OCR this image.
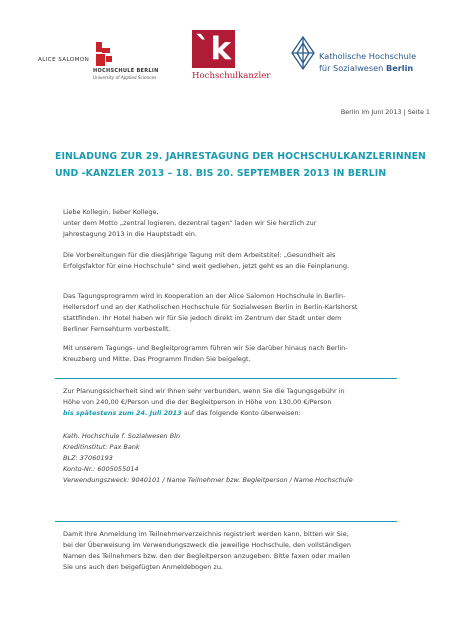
ALICE SALOMON
HOCHSCHULE BERLIN
University of Applied Sciences
`k
Hochschulkanzler
Katholische Hochschule
für Sozialwesen Berlin
Berlin im Juni 2013 | Seite 1
EINLADUNG ZUR 29. JAHRESTAGUNG DER HOCHSCHULKANZLERINNEN
UND -KANZLER 2013 – 18. BIS 20. SEPTEMBER 2013 IN BERLIN
Liebe Kollegin, lieber Kollege,
unter dem Motto „zentral logieren, dezentral tagen“ laden wir Sie herzlich zur
Jahrestagung 2013 in die Hauptstadt ein.
Die Vorbereitungen für die diesjährige Tagung mit dem Arbeitstitel: „Gesundheit als
Erfolgsfaktor für eine Hochschule“ sind weit gediehen, jetzt geht es an die Feinplanung.
Das Tagungsprogramm wird in Kooperation an der Alice Salomon Hochschule in Berlin-
Hellersdorf und an der Katholischen Hochschule für Sozialwesen Berlin in Berlin-Karlshorst
stattfinden. Ihr Hotel haben wir für Sie jedoch direkt im Zentrum der Stadt unter dem
Berliner Fernsehturm vorbestellt.
Mit unserem Tagungs- und Begleitprogramm führen wir Sie darüber hinaus nach Berlin-
Kreuzberg und Mitte. Das Programm finden Sie beigelegt.
Zur Planungssicherheit sind wir Ihnen sehr verbunden, wenn Sie die Tagungsgebühr in
Höhe von 240,00 €/Person und die der Begleitperson in Höhe von 130,00 €/Person
bis spätestens zum 24. Juli 2013 auf das folgende Konto überweisen:
Kath. Hochschule f. Sozialwesen Bln
Kreditinstitut: Pax Bank
BLZ: 37060193
Konto-Nr.: 6005055014
Verwendungszweck: 9040101 / Name Teilnehmer bzw. Begleitperson / Name Hochschule
Damit Ihre Anmeldung im Teilnehmerverzeichnis registriert werden kann, bitten wir Sie,
bei der Überweisung im Verwendungszweck die jeweilige Hochschule, den vollständigen
Namen des Teilnehmers bzw. den der Begleitperson anzugeben. Bitte faxen oder mailen
Sie uns auch den beigefügten Anmeldebogen zu.
